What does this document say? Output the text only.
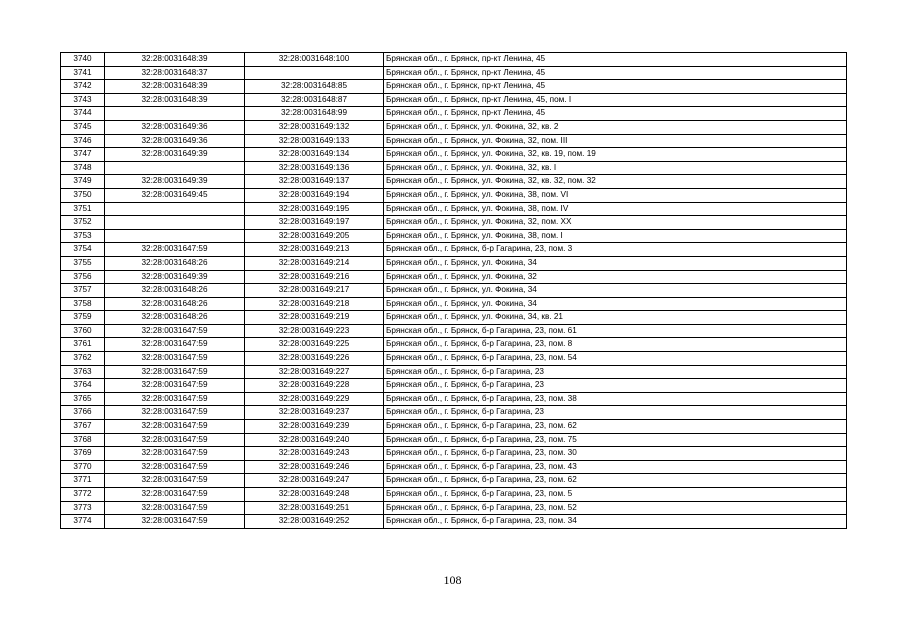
3740	32:28:0031648:39	32:28:0031648:100	Брянская обл., г. Брянск, пр-кт Ленина, 45
3741	32:28:0031648:37		Брянская обл., г. Брянск, пр-кт Ленина, 45
3742	32:28:0031648:39	32:28:0031648:85	Брянская обл., г. Брянск, пр-кт Ленина, 45
3743	32:28:0031648:39	32:28:0031648:87	Брянская обл., г. Брянск, пр-кт Ленина, 45, пом. I
3744		32:28:0031648:99	Брянская обл., г. Брянск, пр-кт Ленина, 45
3745	32:28:0031649:36	32:28:0031649:132	Брянская обл., г. Брянск, ул. Фокина, 32, кв. 2
3746	32:28:0031649:36	32:28:0031649:133	Брянская обл., г. Брянск, ул. Фокина, 32, пом. III
3747	32:28:0031649:39	32:28:0031649:134	Брянская обл., г. Брянск, ул. Фокина, 32, кв. 19, пом. 19
3748		32:28:0031649:136	Брянская обл., г. Брянск, ул. Фокина, 32, кв. I
3749	32:28:0031649:39	32:28:0031649:137	Брянская обл., г. Брянск, ул. Фокина, 32, кв. 32, пом. 32
3750	32:28:0031649:45	32:28:0031649:194	Брянская обл., г. Брянск, ул. Фокина, 38, пом. VI
3751		32:28:0031649:195	Брянская обл., г. Брянск, ул. Фокина, 38, пом. IV
3752		32:28:0031649:197	Брянская обл., г. Брянск, ул. Фокина, 32, пом. XX
3753		32:28:0031649:205	Брянская обл., г. Брянск, ул. Фокина, 38, пом. I
3754	32:28:0031647:59	32:28:0031649:213	Брянская обл., г. Брянск, б-р Гагарина, 23, пом. 3
3755	32:28:0031648:26	32:28:0031649:214	Брянская обл., г. Брянск, ул. Фокина, 34
3756	32:28:0031649:39	32:28:0031649:216	Брянская обл., г. Брянск, ул. Фокина, 32
3757	32:28:0031648:26	32:28:0031649:217	Брянская обл., г. Брянск, ул. Фокина, 34
3758	32:28:0031648:26	32:28:0031649:218	Брянская обл., г. Брянск, ул. Фокина, 34
3759	32:28:0031648:26	32:28:0031649:219	Брянская обл., г. Брянск, ул. Фокина, 34, кв. 21
3760	32:28:0031647:59	32:28:0031649:223	Брянская обл., г. Брянск, б-р Гагарина, 23, пом. 61
3761	32:28:0031647:59	32:28:0031649:225	Брянская обл., г. Брянск, б-р Гагарина, 23, пом. 8
3762	32:28:0031647:59	32:28:0031649:226	Брянская обл., г. Брянск, б-р Гагарина, 23, пом. 54
3763	32:28:0031647:59	32:28:0031649:227	Брянская обл., г. Брянск, б-р Гагарина, 23
3764	32:28:0031647:59	32:28:0031649:228	Брянская обл., г. Брянск, б-р Гагарина, 23
3765	32:28:0031647:59	32:28:0031649:229	Брянская обл., г. Брянск, б-р Гагарина, 23, пом. 38
3766	32:28:0031647:59	32:28:0031649:237	Брянская обл., г. Брянск, б-р Гагарина, 23
3767	32:28:0031647:59	32:28:0031649:239	Брянская обл., г. Брянск, б-р Гагарина, 23, пом. 62
3768	32:28:0031647:59	32:28:0031649:240	Брянская обл., г. Брянск, б-р Гагарина, 23, пом. 75
3769	32:28:0031647:59	32:28:0031649:243	Брянская обл., г. Брянск, б-р Гагарина, 23, пом. 30
3770	32:28:0031647:59	32:28:0031649:246	Брянская обл., г. Брянск, б-р Гагарина, 23, пом. 43
3771	32:28:0031647:59	32:28:0031649:247	Брянская обл., г. Брянск, б-р Гагарина, 23, пом. 62
3772	32:28:0031647:59	32:28:0031649:248	Брянская обл., г. Брянск, б-р Гагарина, 23, пом. 5
3773	32:28:0031647:59	32:28:0031649:251	Брянская обл., г. Брянск, б-р Гагарина, 23, пом. 52
3774	32:28:0031647:59	32:28:0031649:252	Брянская обл., г. Брянск, б-р Гагарина, 23, пом. 34
108
